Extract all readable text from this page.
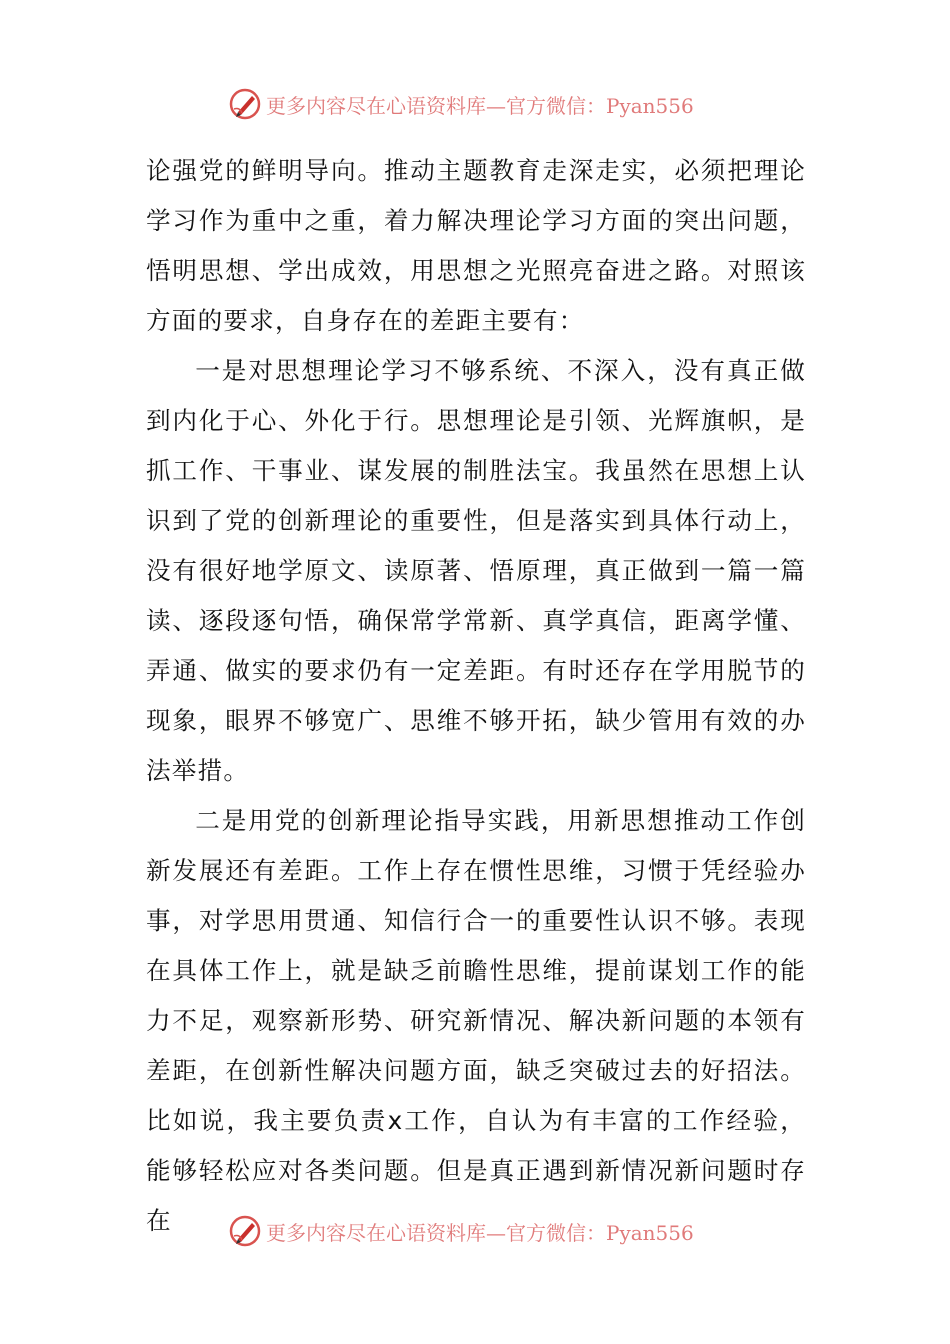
更多内容尽在心语资料库—官方微信：Pyan556

论强党的鲜明导向。推动主题教育走深走实，必须把理论学习作为重中之重，着力解决理论学习方面的突出问题，悟明思想、学出成效，用思想之光照亮奋进之路。对照该方面的要求，自身存在的差距主要有：

一是对思想理论学习不够系统、不深入，没有真正做到内化于心、外化于行。思想理论是引领、光辉旗帜，是抓工作、干事业、谋发展的制胜法宝。我虽然在思想上认识到了党的创新理论的重要性，但是落实到具体行动上，没有很好地学原文、读原著、悟原理，真正做到一篇一篇读、逐段逐句悟，确保常学常新、真学真信，距离学懂、弄通、做实的要求仍有一定差距。有时还存在学用脱节的现象，眼界不够宽广、思维不够开拓，缺少管用有效的办法举措。

二是用党的创新理论指导实践，用新思想推动工作创新发展还有差距。工作上存在惯性思维，习惯于凭经验办事，对学思用贯通、知信行合一的重要性认识不够。表现在具体工作上，就是缺乏前瞻性思维，提前谋划工作的能力不足，观察新形势、研究新情况、解决新问题的本领有差距，在创新性解决问题方面，缺乏突破过去的好招法。比如说，我主要负责x工作，自认为有丰富的工作经验，能够轻松应对各类问题。但是真正遇到新情况新问题时存在	更多内容尽在心语资料库—官方微信：Pyan556
